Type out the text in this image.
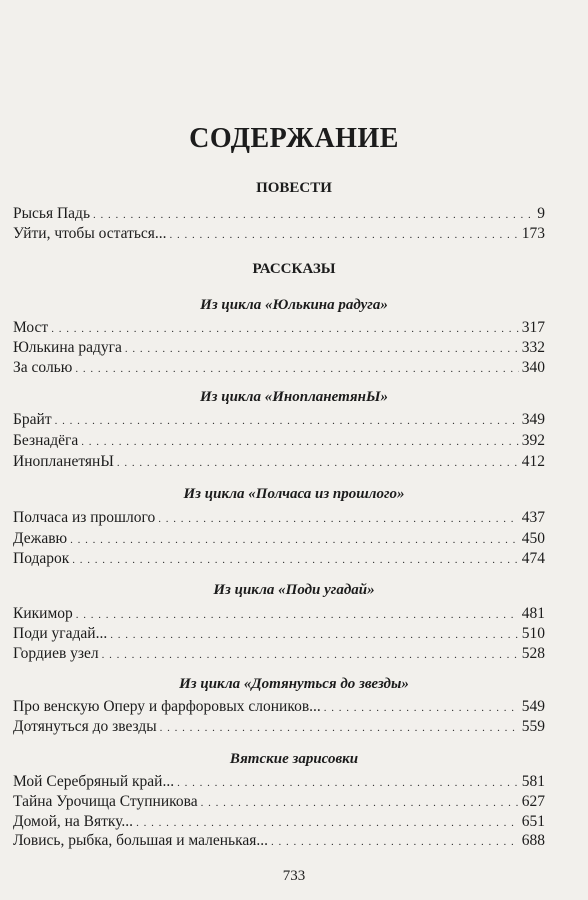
СОДЕРЖАНИЕ
ПОВЕСТИ
Рысья Падь . . .	9
Уйти, чтобы остаться... . . .	173
РАССКАЗЫ
Из цикла «Юлькина радуга»
Мост . . .	317
Юлькина радуга . . .	332
За солью . . .	340
Из цикла «ИнопланетянЫ»
Брайт . . .	349
Безнадёга . . .	392
ИнопланетянЫ . . .	412
Из цикла «Полчаса из прошлого»
Полчаса из прошлого . . .	437
Дежавю . . .	450
Подарок . . .	474
Из цикла «Поди угадай»
Кикимор . . .	481
Поди угадай... . . .	510
Гордиев узел . . .	528
Из цикла «Дотянуться до звезды»
Про венскую Оперу и фарфоровых слоников... . . .	549
Дотянуться до звезды . . .	559
Вятские зарисовки
Мой Серебряный край... . . .	581
Тайна Урочища Ступникова . . .	627
Домой, на Вятку... . . .	651
Ловись, рыбка, большая и маленькая... . . .	688
733
